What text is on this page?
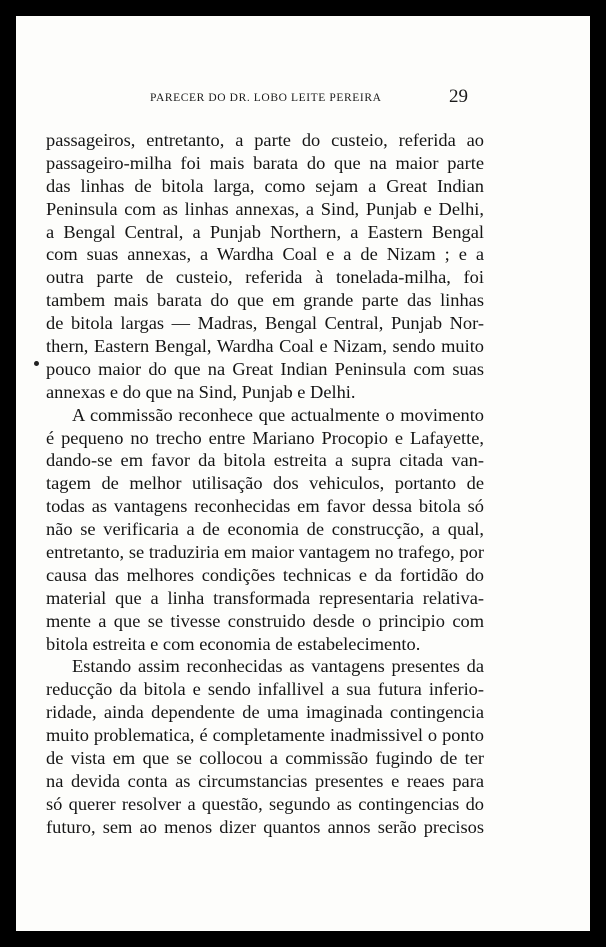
PARECER DO DR. LOBO LEITE PEREIRA	29
passageiros, entretanto, a parte do custeio, referida ao
passageiro-milha foi mais barata do que na maior parte
das linhas de bitola larga, como sejam a Great Indian
Peninsula com as linhas annexas, a Sind, Punjab e Delhi,
a Bengal Central, a Punjab Northern, a Eastern Bengal
com suas annexas, a Wardha Coal e a de Nizam ; e a
outra parte de custeio, referida à tonelada-milha, foi
tambem mais barata do que em grande parte das linhas
de bitola largas — Madras, Bengal Central, Punjab Nor-
thern, Eastern Bengal, Wardha Coal e Nizam, sendo muito
pouco maior do que na Great Indian Peninsula com suas
annexas e do que na Sind, Punjab e Delhi.
A commissão reconhece que actualmente o movimento
é pequeno no trecho entre Mariano Procopio e Lafayette,
dando-se em favor da bitola estreita a supra citada van-
tagem de melhor utilisação dos vehiculos, portanto de
todas as vantagens reconhecidas em favor dessa bitola só
não se verificaria a de economia de construcção, a qual,
entretanto, se traduziria em maior vantagem no trafego, por
causa das melhores condições technicas e da fortidão do
material que a linha transformada representaria relativa-
mente a que se tivesse construido desde o principio com
bitola estreita e com economia de estabelecimento.
Estando assim reconhecidas as vantagens presentes da
reducção da bitola e sendo infallivel a sua futura inferio-
ridade, ainda dependente de uma imaginada contingencia
muito problematica, é completamente inadmissivel o ponto
de vista em que se collocou a commissão fugindo de ter
na devida conta as circumstancias presentes e reaes para
só querer resolver a questão, segundo as contingencias do
futuro, sem ao menos dizer quantos annos serão precisos
